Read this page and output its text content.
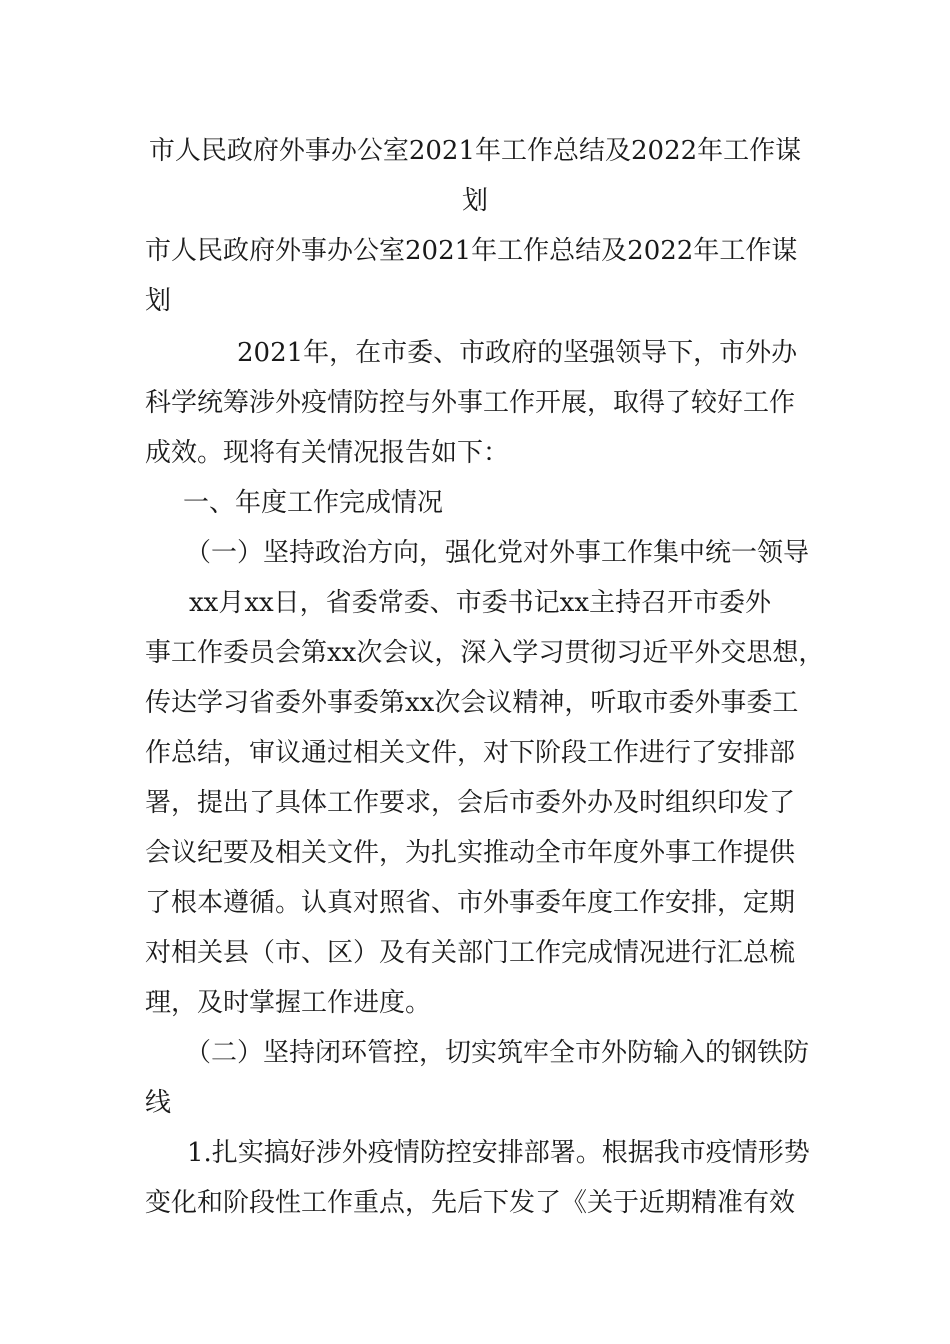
市人民政府外事办公室2021年工作总结及2022年工作谋
划
市人民政府外事办公室2021年工作总结及2022年工作谋
划
2021年，在市委、市政府的坚强领导下，市外办
科学统筹涉外疫情防控与外事工作开展，取得了较好工作
成效。现将有关情况报告如下：
一、年度工作完成情况
（一）坚持政治方向，强化党对外事工作集中统一领导
xx月xx日，省委常委、市委书记xx主持召开市委外
事工作委员会第xx次会议，深入学习贯彻习近平外交思想，
传达学习省委外事委第xx次会议精神，听取市委外事委工
作总结，审议通过相关文件，对下阶段工作进行了安排部
署，提出了具体工作要求，会后市委外办及时组织印发了
会议纪要及相关文件，为扎实推动全市年度外事工作提供
了根本遵循。认真对照省、市外事委年度工作安排，定期
对相关县（市、区）及有关部门工作完成情况进行汇总梳
理，及时掌握工作进度。
（二）坚持闭环管控，切实筑牢全市外防输入的钢铁防
线
1.扎实搞好涉外疫情防控安排部署。根据我市疫情形势
变化和阶段性工作重点，先后下发了《关于近期精准有效
